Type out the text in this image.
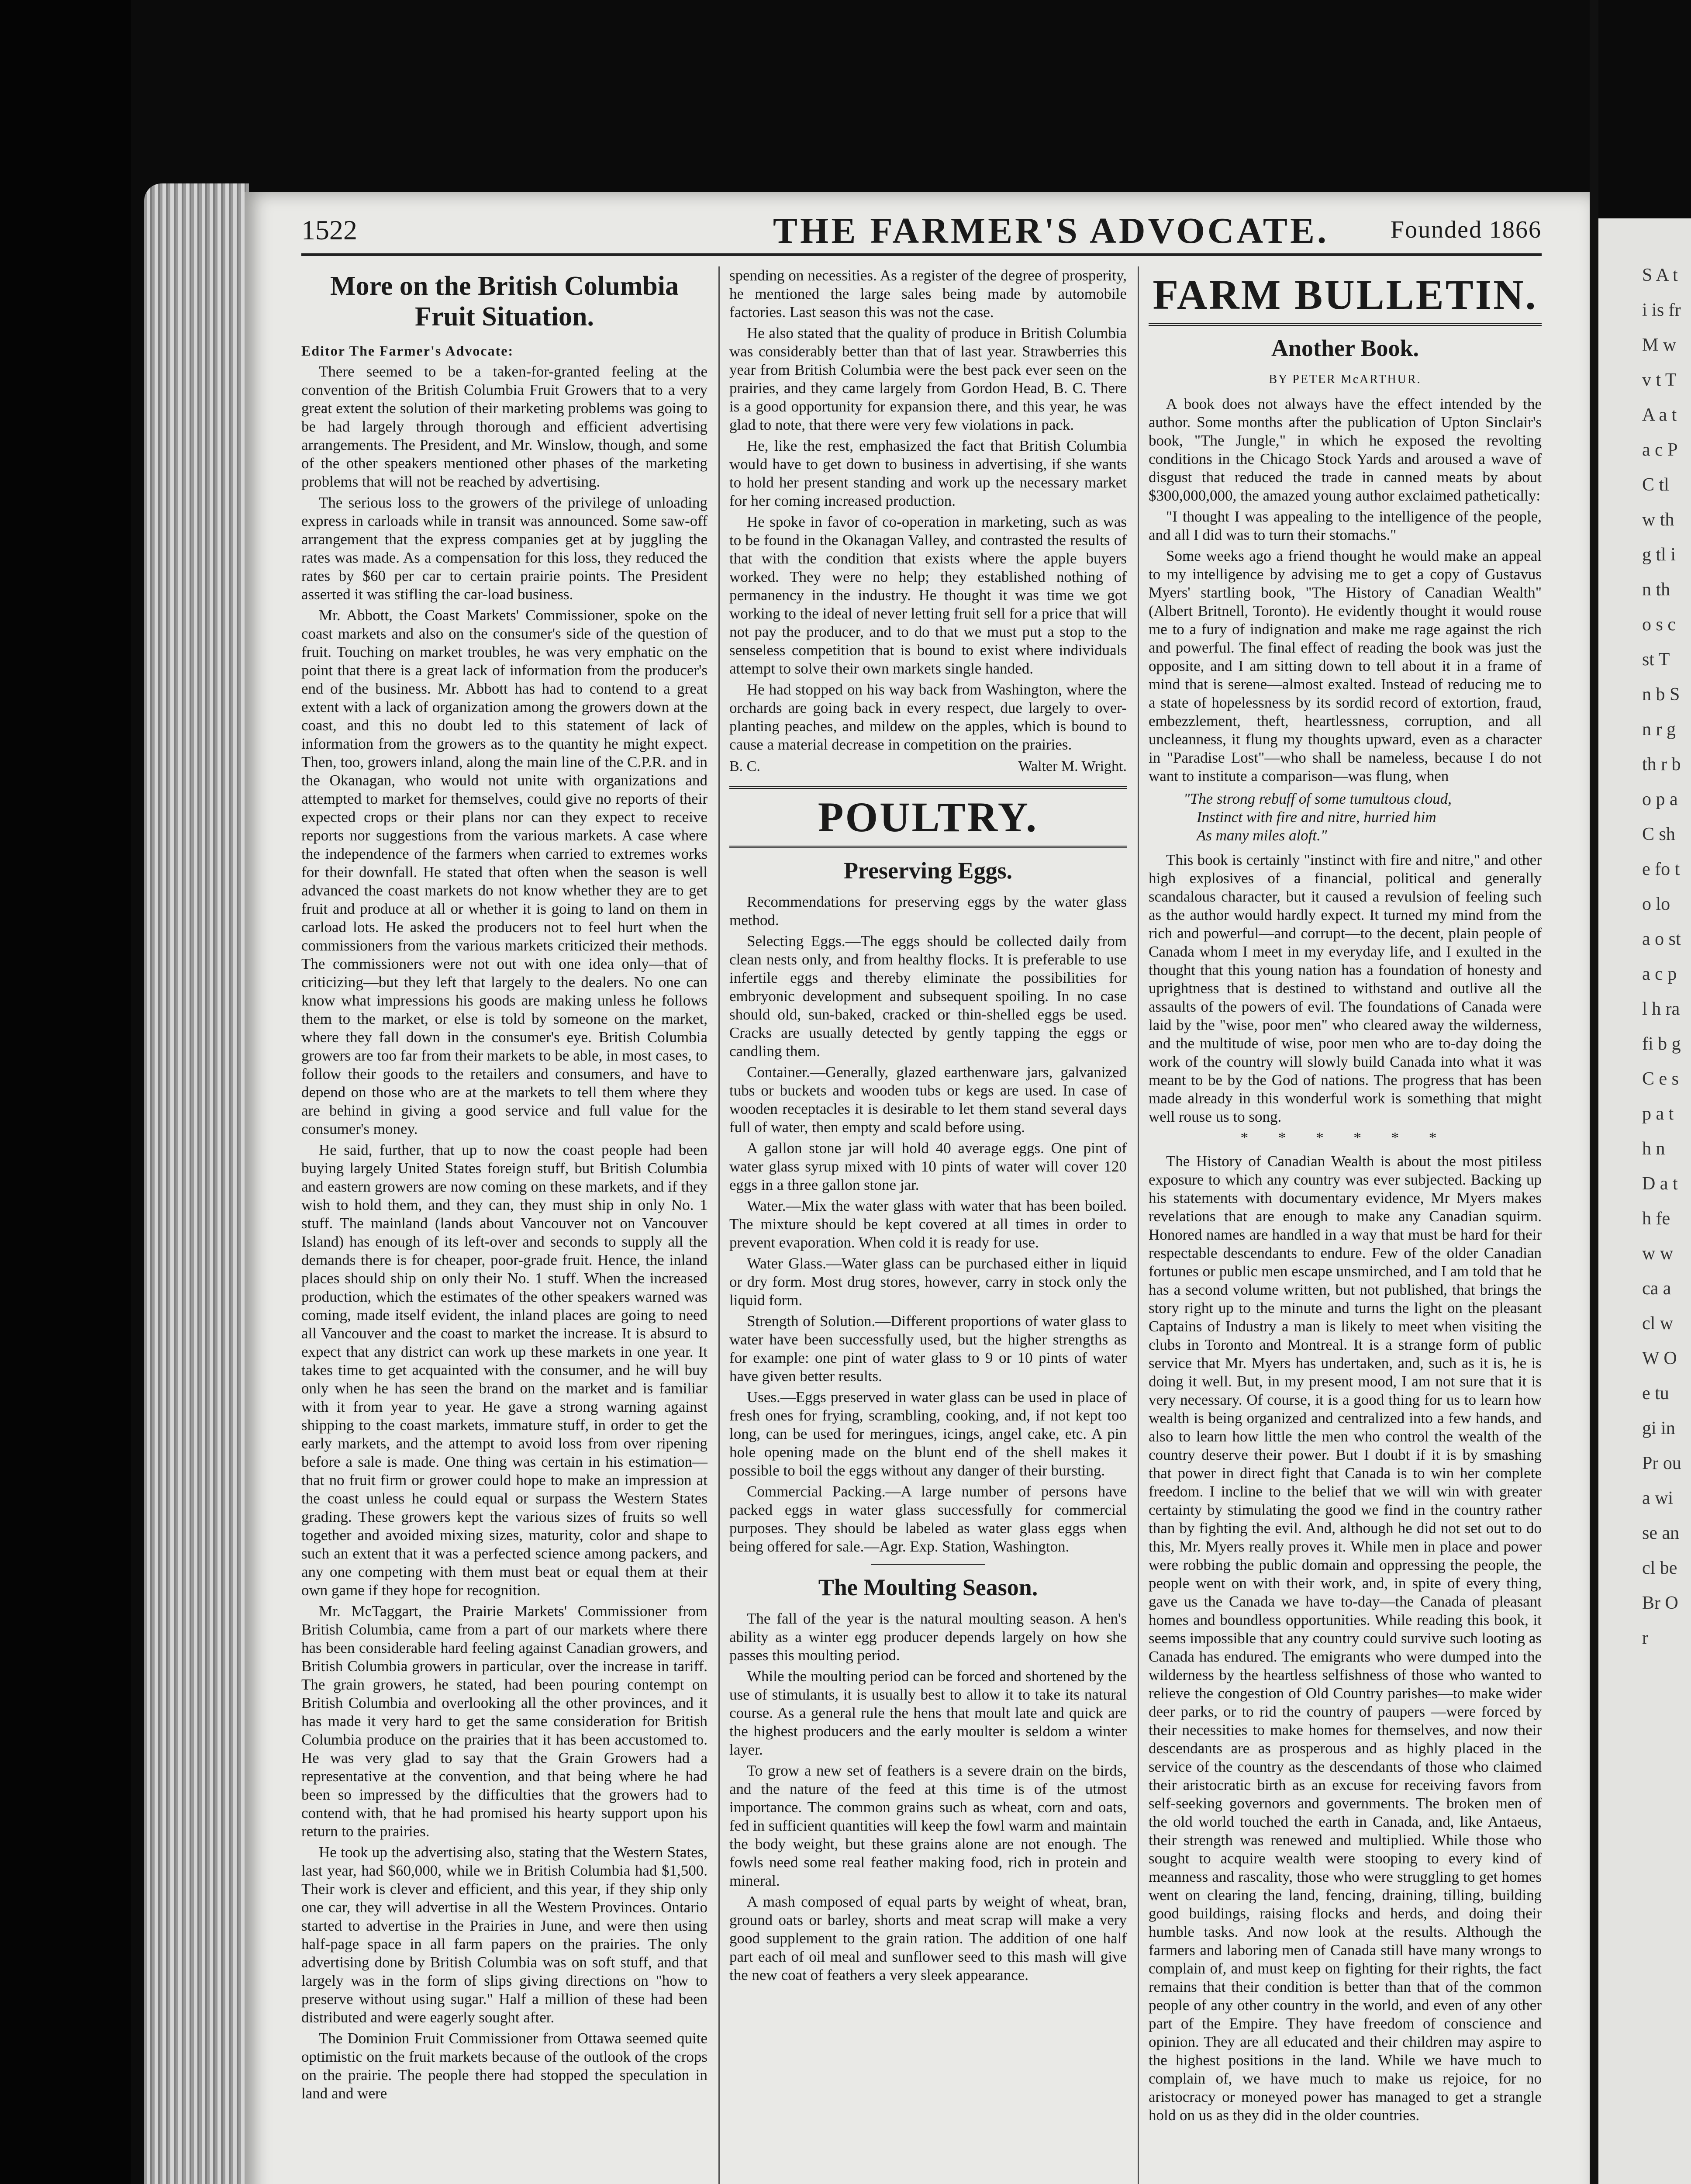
S A ti is fr M w v t T A a t a c P C tl w th g tl in th o s c st T n b S n r g th r b o p a C sh e fo t o lo a o st a c pl h ra fi b g C e sp a th n D a th fe w w ca a cl w W O e tu gi in Pr ou a wi se an cl be Br Or
1522	THE FARMER'S ADVOCATE.	Founded 1866
More on the British Columbia Fruit Situation.
Editor The Farmer's Advocate:

There seemed to be a taken-for-granted feeling at the convention of the British Columbia Fruit Growers that to a very great extent the solution of their marketing problems was going to be had largely through thorough and efficient advertising arrangements. The President, and Mr. Winslow, though, and some of the other speakers mentioned other phases of the marketing problems that will not be reached by advertising.

The serious loss to the growers of the privilege of unloading express in carloads while in transit was announced. Some saw-off arrangement that the express companies get at by juggling the rates was made. As a compensation for this loss, they reduced the rates by $60 per car to certain prairie points. The President asserted it was stifling the car-load business.

Mr. Abbott, the Coast Markets' Commissioner, spoke on the coast markets and also on the consumer's side of the question of fruit. Touching on market troubles, he was very emphatic on the point that there is a great lack of information from the producer's end of the business. Mr. Abbott has had to contend to a great extent with a lack of organization among the growers down at the coast, and this no doubt led to this statement of lack of information from the growers as to the quantity he might expect. Then, too, growers inland, along the main line of the C.P.R. and in the Okanagan, who would not unite with organizations and attempted to market for themselves, could give no reports of their expected crops or their plans nor can they expect to receive reports nor suggestions from the various markets. A case where the independence of the farmers when carried to extremes works for their downfall. He stated that often when the season is well advanced the coast markets do not know whether they are to get fruit and produce at all or whether it is going to land on them in carload lots. He asked the producers not to feel hurt when the commissioners from the various markets criticized their methods. The commissioners were not out with one idea only—that of criticizing—but they left that largely to the dealers. No one can know what impressions his goods are making unless he follows them to the market, or else is told by someone on the market, where they fall down in the consumer's eye. British Columbia growers are too far from their markets to be able, in most cases, to follow their goods to the retailers and consumers, and have to depend on those who are at the markets to tell them where they are behind in giving a good service and full value for the consumer's money.

He said, further, that up to now the coast people had been buying largely United States foreign stuff, but British Columbia and eastern growers are now coming on these markets, and if they wish to hold them, and they can, they must ship in only No. 1 stuff. The mainland (lands about Vancouver not on Vancouver Island) has enough of its left-over and seconds to supply all the demands there is for cheaper, poor-grade fruit. Hence, the inland places should ship on only their No. 1 stuff. When the increased production, which the estimates of the other speakers warned was coming, made itself evident, the inland places are going to need all Vancouver and the coast to market the increase. It is absurd to expect that any district can work up these markets in one year. It takes time to get acquainted with the consumer, and he will buy only when he has seen the brand on the market and is familiar with it from year to year. He gave a strong warning against shipping to the coast markets, immature stuff, in order to get the early markets, and the attempt to avoid loss from over ripening before a sale is made. One thing was certain in his estimation—that no fruit firm or grower could hope to make an impression at the coast unless he could equal or surpass the Western States grading. These growers kept the various sizes of fruits so well together and avoided mixing sizes, maturity, color and shape to such an extent that it was a perfected science among packers, and any one competing with them must beat or equal them at their own game if they hope for recognition.

Mr. McTaggart, the Prairie Markets' Commissioner from British Columbia, came from a part of our markets where there has been considerable hard feeling against Canadian growers, and British Columbia growers in particular, over the increase in tariff. The grain growers, he stated, had been pouring contempt on British Columbia and overlooking all the other provinces, and it has made it very hard to get the same consideration for British Columbia produce on the prairies that it has been accustomed to. He was very glad to say that the Grain Growers had a representative at the convention, and that being where he had been so impressed by the difficulties that the growers had to contend with, that he had promised his hearty support upon his return to the prairies.

He took up the advertising also, stating that the Western States, last year, had $60,000, while we in British Columbia had $1,500. Their work is clever and efficient, and this year, if they ship only one car, they will advertise in all the Western Provinces. Ontario started to advertise in the Prairies in June, and were then using half-page space in all farm papers on the prairies. The only advertising done by British Columbia was on soft stuff, and that largely was in the form of slips giving directions on "how to preserve without using sugar." Half a million of these had been distributed and were eagerly sought after.

The Dominion Fruit Commissioner from Ottawa seemed quite optimistic on the fruit markets because of the outlook of the crops on the prairie. The people there had stopped the speculation in land and were

spending on necessities. As a register of the degree of prosperity, he mentioned the large sales being made by automobile factories. Last season this was not the case.

He also stated that the quality of produce in British Columbia was considerably better than that of last year. Strawberries this year from British Columbia were the best pack ever seen on the prairies, and they came largely from Gordon Head, B. C. There is a good opportunity for expansion there, and this year, he was glad to note, that there were very few violations in pack.

He, like the rest, emphasized the fact that British Columbia would have to get down to business in advertising, if she wants to hold her present standing and work up the necessary market for her coming increased production.

He spoke in favor of co-operation in marketing, such as was to be found in the Okanagan Valley, and contrasted the results of that with the condition that exists where the apple buyers worked. They were no help; they established nothing of permanency in the industry. He thought it was time we got working to the ideal of never letting fruit sell for a price that will not pay the producer, and to do that we must put a stop to the senseless competition that is bound to exist where individuals attempt to solve their own markets single handed.

He had stopped on his way back from Washington, where the orchards are going back in every respect, due largely to over-planting peaches, and mildew on the apples, which is bound to cause a material decrease in competition on the prairies.

B. C.	Walter M. Wright.
POULTRY.
Preserving Eggs.

Recommendations for preserving eggs by the water glass method.

Selecting Eggs.—The eggs should be collected daily from clean nests only, and from healthy flocks. It is preferable to use infertile eggs and thereby eliminate the possibilities for embryonic development and subsequent spoiling. In no case should old, sun-baked, cracked or thin-shelled eggs be used. Cracks are usually detected by gently tapping the eggs or candling them.

Container.—Generally, glazed earthenware jars, galvanized tubs or buckets and wooden tubs or kegs are used. In case of wooden receptacles it is desirable to let them stand several days full of water, then empty and scald before using.

A gallon stone jar will hold 40 average eggs. One pint of water glass syrup mixed with 10 pints of water will cover 120 eggs in a three gallon stone jar.

Water.—Mix the water glass with water that has been boiled. The mixture should be kept covered at all times in order to prevent evaporation. When cold it is ready for use.

Water Glass.—Water glass can be purchased either in liquid or dry form. Most drug stores, however, carry in stock only the liquid form.

Strength of Solution.—Different proportions of water glass to water have been successfully used, but the higher strengths as for example: one pint of water glass to 9 or 10 pints of water have given better results.

Uses.—Eggs preserved in water glass can be used in place of fresh ones for frying, scrambling, cooking, and, if not kept too long, can be used for meringues, icings, angel cake, etc. A pin hole opening made on the blunt end of the shell makes it possible to boil the eggs without any danger of their bursting.

Commercial Packing.—A large number of persons have packed eggs in water glass successfully for commercial purposes. They should be labeled as water glass eggs when being offered for sale.—Agr. Exp. Station, Washington.

The Moulting Season.

The fall of the year is the natural moulting season. A hen's ability as a winter egg producer depends largely on how she passes this moulting period.

While the moulting period can be forced and shortened by the use of stimulants, it is usually best to allow it to take its natural course. As a general rule the hens that moult late and quick are the highest producers and the early moulter is seldom a winter layer.

To grow a new set of feathers is a severe drain on the birds, and the nature of the feed at this time is of the utmost importance. The common grains such as wheat, corn and oats, fed in sufficient quantities will keep the fowl warm and maintain the body weight, but these grains alone are not enough. The fowls need some real feather making food, rich in protein and mineral.

A mash composed of equal parts by weight of wheat, bran, ground oats or barley, shorts and meat scrap will make a very good supplement to the grain ration. The addition of one half part each of oil meal and sunflower seed to this mash will give the new coat of feathers a very sleek appearance.

FARM BULLETIN.
Another Book.
BY PETER McARTHUR.

A book does not always have the effect intended by the author. Some months after the publication of Upton Sinclair's book, "The Jungle," in which he exposed the revolting conditions in the Chicago Stock Yards and aroused a wave of disgust that reduced the trade in canned meats by about $300,000,000, the amazed young author exclaimed pathetically:

"I thought I was appealing to the intelligence of the people, and all I did was to turn their stomachs."

Some weeks ago a friend thought he would make an appeal to my intelligence by advising me to get a copy of Gustavus Myers' startling book, "The History of Canadian Wealth" (Albert Britnell, Toronto). He evidently thought it would rouse me to a fury of indignation and make me rage against the rich and powerful. The final effect of reading the book was just the opposite, and I am sitting down to tell about it in a frame of mind that is serene—almost exalted. Instead of reducing me to a state of hopelessness by its sordid record of extortion, fraud, embezzlement, theft, heartlessness, corruption, and all uncleanness, it flung my thoughts upward, even as a character in "Paradise Lost"—who shall be nameless, because I do not want to institute a comparison—was flung, when

"The strong rebuff of some tumultous cloud,
Instinct with fire and nitre, hurried him
As many miles aloft."

This book is certainly "instinct with fire and nitre," and other high explosives of a financial, political and generally scandalous character, but it caused a revulsion of feeling such as the author would hardly expect. It turned my mind from the rich and powerful—and corrupt—to the decent, plain people of Canada whom I meet in my everyday life, and I exulted in the thought that this young nation has a foundation of honesty and uprightness that is destined to withstand and outlive all the assaults of the powers of evil. The foundations of Canada were laid by the "wise, poor men" who cleared away the wilderness, and the multitude of wise, poor men who are to-day doing the work of the country will slowly build Canada into what it was meant to be by the God of nations. The progress that has been made already in this wonderful work is something that might well rouse us to song.

* * * * * *

The History of Canadian Wealth is about the most pitiless exposure to which any country was ever subjected. Backing up his statements with documentary evidence, Mr Myers makes revelations that are enough to make any Canadian squirm. Honored names are handled in a way that must be hard for their respectable descendants to endure. Few of the older Canadian fortunes or public men escape unsmirched, and I am told that he has a second volume written, but not published, that brings the story right up to the minute and turns the light on the pleasant Captains of Industry a man is likely to meet when visiting the clubs in Toronto and Montreal. It is a strange form of public service that Mr. Myers has undertaken, and, such as it is, he is doing it well. But, in my present mood, I am not sure that it is very necessary. Of course, it is a good thing for us to learn how wealth is being organized and centralized into a few hands, and also to learn how little the men who control the wealth of the country deserve their power. But I doubt if it is by smashing that power in direct fight that Canada is to win her complete freedom. I incline to the belief that we will win with greater certainty by stimulating the good we find in the country rather than by fighting the evil. And, although he did not set out to do this, Mr. Myers really proves it. While men in place and power were robbing the public domain and oppressing the people, the people went on with their work, and, in spite of every thing, gave us the Canada we have to-day—the Canada of pleasant homes and boundless opportunities. While reading this book, it seems impossible that any country could survive such looting as Canada has endured. The emigrants who were dumped into the wilderness by the heartless selfishness of those who wanted to relieve the congestion of Old Country parishes—to make wider deer parks, or to rid the country of paupers —were forced by their necessities to make homes for themselves, and now their descendants are as prosperous and as highly placed in the service of the country as the descendants of those who claimed their aristocratic birth as an excuse for receiving favors from self-seeking governors and governments. The broken men of the old world touched the earth in Canada, and, like Antaeus, their strength was renewed and multiplied. While those who sought to acquire wealth were stooping to every kind of meanness and rascality, those who were struggling to get homes went on clearing the land, fencing, draining, tilling, building good buildings, raising flocks and herds, and doing their humble tasks. And now look at the results. Although the farmers and laboring men of Canada still have many wrongs to complain of, and must keep on fighting for their rights, the fact remains that their condition is better than that of the common people of any other country in the world, and even of any other part of the Empire. They have freedom of conscience and opinion. They are all educated and their children may aspire to the highest positions in the land. While we have much to complain of, we have much to make us rejoice, for no aristocracy or moneyed power has managed to get a strangle hold on us as they did in the older countries.
